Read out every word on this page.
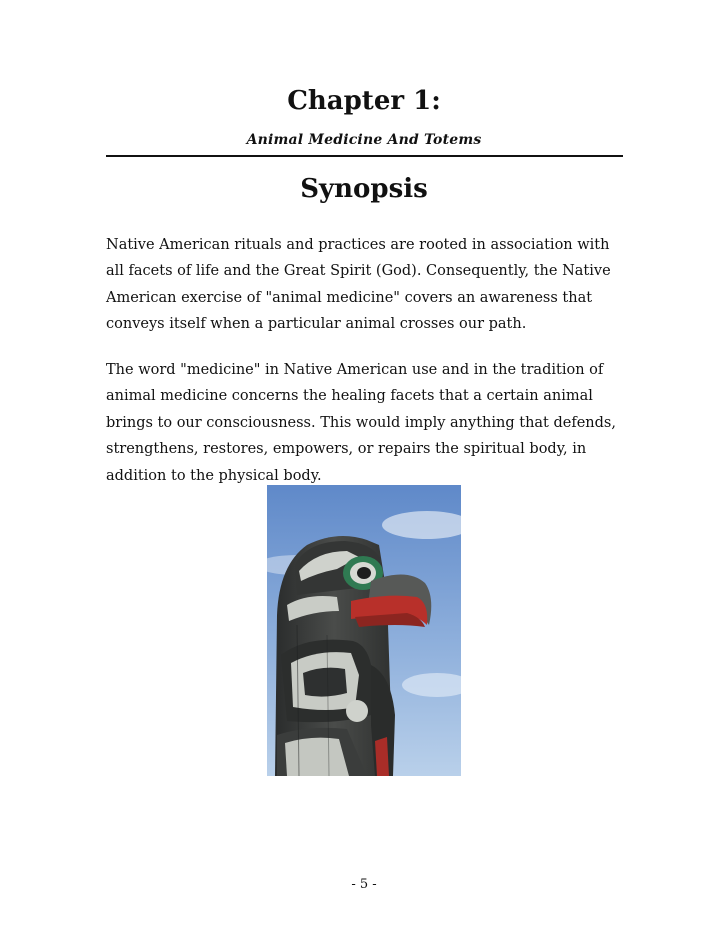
Chapter 1:
Animal Medicine And Totems
Synopsis

Native American rituals and practices are rooted in association with all facets of life and the Great Spirit (God). Consequently, the Native American exercise of "animal medicine" covers an awareness that conveys itself when a particular animal crosses our path.

The word "medicine" in Native American use and in the tradition of animal medicine concerns the healing facets that a certain animal brings to our consciousness. This would imply anything that defends, strengthens, restores, empowers, or repairs the spiritual body, in addition to the physical body.

- 5 -
